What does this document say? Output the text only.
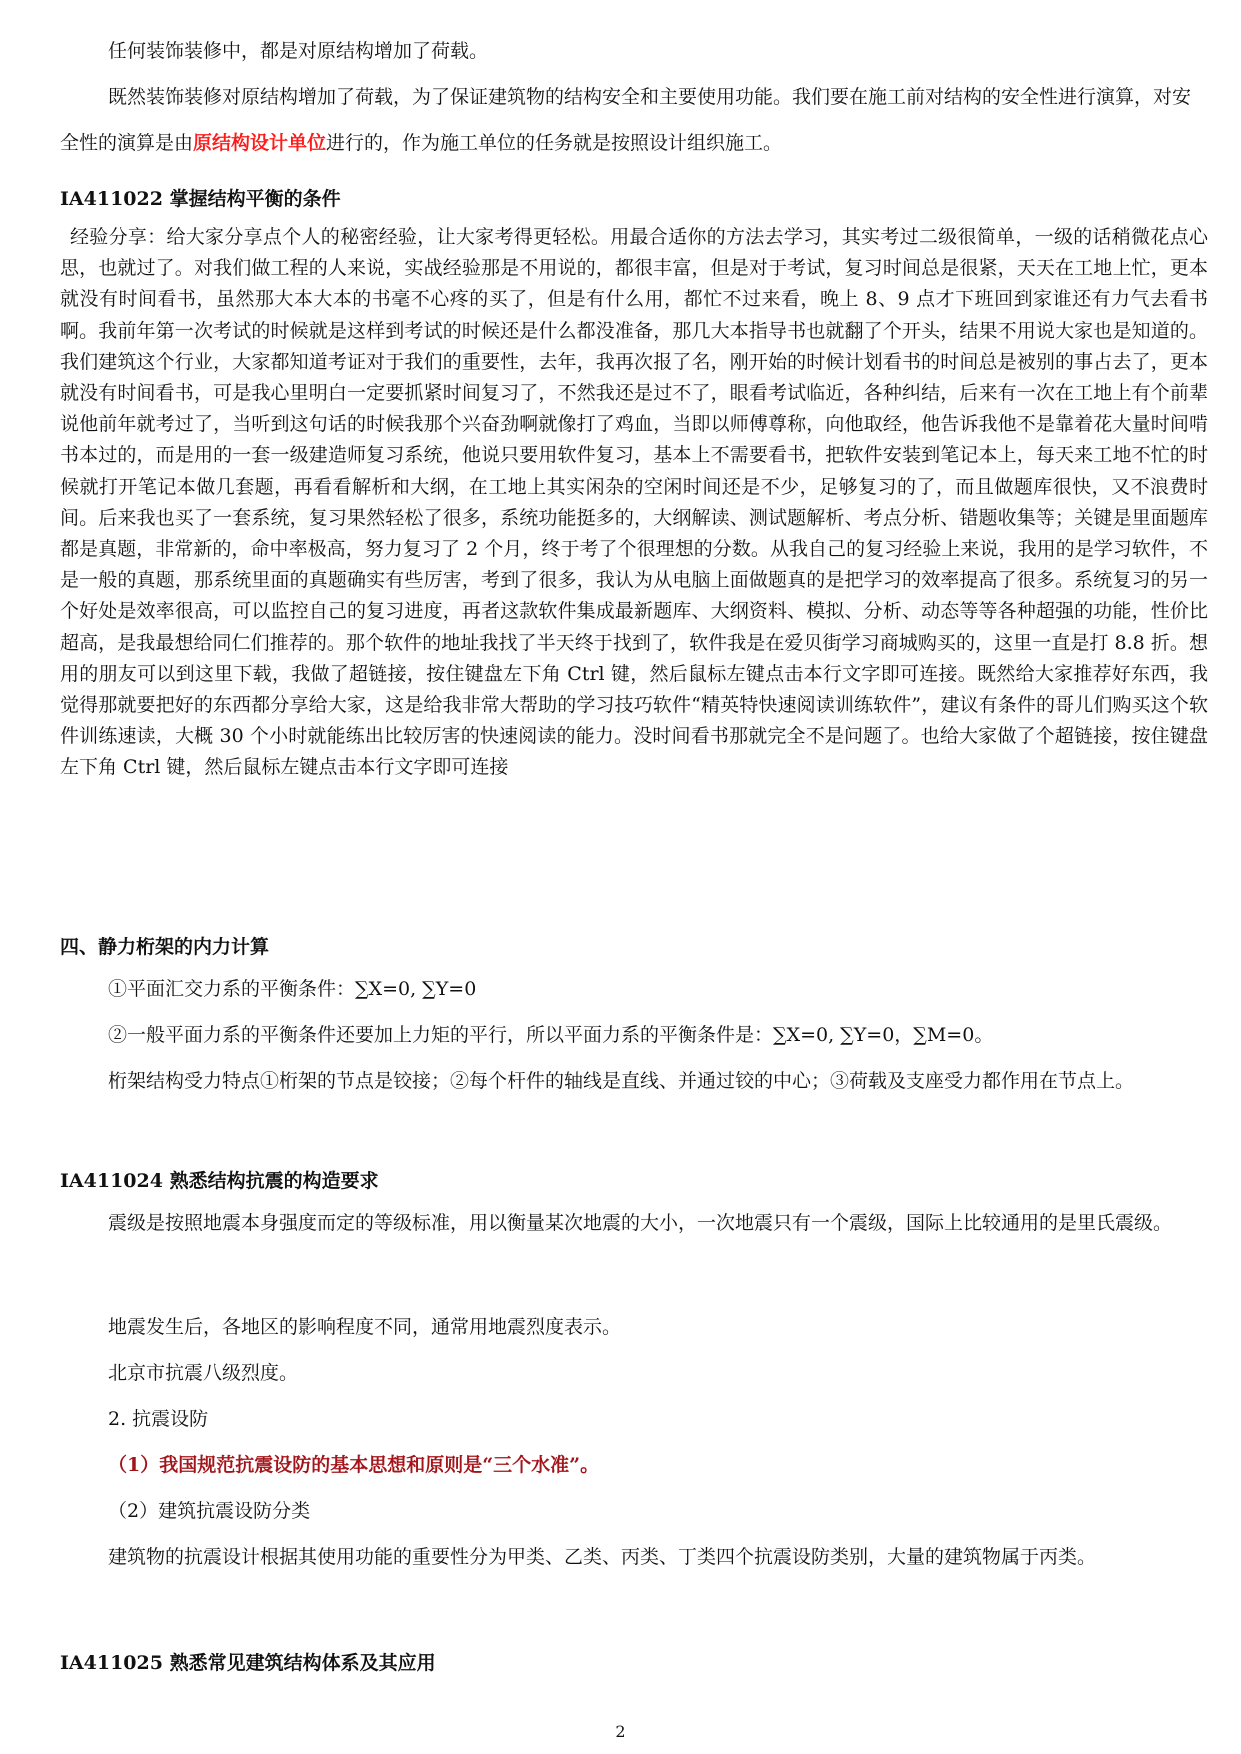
任何装饰装修中，都是对原结构增加了荷载。

既然装饰装修对原结构增加了荷载，为了保证建筑物的结构安全和主要使用功能。我们要在施工前对结构的安全性进行演算，对安全性的演算是由原结构设计单位进行的，作为施工单位的任务就是按照设计组织施工。

IA411022 掌握结构平衡的条件

经验分享：给大家分享点个人的秘密经验，让大家考得更轻松。用最合适你的方法去学习，其实考过二级很简单，一级的话稍微花点心思，也就过了。对我们做工程的人来说，实战经验那是不用说的，都很丰富，但是对于考试，复习时间总是很紧，天天在工地上忙，更本就没有时间看书，虽然那大本大本的书毫不心疼的买了，但是有什么用，都忙不过来看，晚上 8、9 点才下班回到家谁还有力气去看书啊。我前年第一次考试的时候就是这样到考试的时候还是什么都没准备，那几大本指导书也就翻了个开头，结果不用说大家也是知道的。我们建筑这个行业，大家都知道考证对于我们的重要性，去年，我再次报了名，刚开始的时候计划看书的时间总是被别的事占去了，更本就没有时间看书，可是我心里明白一定要抓紧时间复习了，不然我还是过不了，眼看考试临近，各种纠结，后来有一次在工地上有个前辈说他前年就考过了，当听到这句话的时候我那个兴奋劲啊就像打了鸡血，当即以师傅尊称，向他取经，他告诉我他不是靠着花大量时间啃书本过的，而是用的一套一级建造师复习系统，他说只要用软件复习，基本上不需要看书，把软件安装到笔记本上，每天来工地不忙的时候就打开笔记本做几套题，再看看解析和大纲，在工地上其实闲杂的空闲时间还是不少，足够复习的了，而且做题库很快，又不浪费时间。后来我也买了一套系统，复习果然轻松了很多，系统功能挺多的，大纲解读、测试题解析、考点分析、错题收集等；关键是里面题库都是真题，非常新的，命中率极高，努力复习了 2 个月，终于考了个很理想的分数。从我自己的复习经验上来说，我用的是学习软件，不是一般的真题，那系统里面的真题确实有些厉害，考到了很多，我认为从电脑上面做题真的是把学习的效率提高了很多。系统复习的另一个好处是效率很高，可以监控自己的复习进度，再者这款软件集成最新题库、大纲资料、模拟、分析、动态等等各种超强的功能，性价比超高，是我最想给同仁们推荐的。那个软件的地址我找了半天终于找到了，软件我是在爱贝街学习商城购买的，这里一直是打 8.8 折。想用的朋友可以到这里下载，我做了超链接，按住键盘左下角 Ctrl 键，然后鼠标左键点击本行文字即可连接。既然给大家推荐好东西，我觉得那就要把好的东西都分享给大家，这是给我非常大帮助的学习技巧软件“精英特快速阅读训练软件”，建议有条件的哥儿们购买这个软件训练速读，大概 30 个小时就能练出比较厉害的快速阅读的能力。没时间看书那就完全不是问题了。也给大家做了个超链接，按住键盘左下角 Ctrl 键，然后鼠标左键点击本行文字即可连接

四、静力桁架的内力计算

①平面汇交力系的平衡条件：∑X=0, ∑Y=0

②一般平面力系的平衡条件还要加上力矩的平行，所以平面力系的平衡条件是：∑X=0, ∑Y=0，∑M=0。

桁架结构受力特点①桁架的节点是铰接；②每个杆件的轴线是直线、并通过铰的中心；③荷载及支座受力都作用在节点上。

IA411024 熟悉结构抗震的构造要求

震级是按照地震本身强度而定的等级标准，用以衡量某次地震的大小，一次地震只有一个震级，国际上比较通用的是里氏震级。

地震发生后，各地区的影响程度不同，通常用地震烈度表示。

北京市抗震八级烈度。

2. 抗震设防

（1）我国规范抗震设防的基本思想和原则是“三个水准”。

（2）建筑抗震设防分类

建筑物的抗震设计根据其使用功能的重要性分为甲类、乙类、丙类、丁类四个抗震设防类别，大量的建筑物属于丙类。

IA411025 熟悉常见建筑结构体系及其应用
2
